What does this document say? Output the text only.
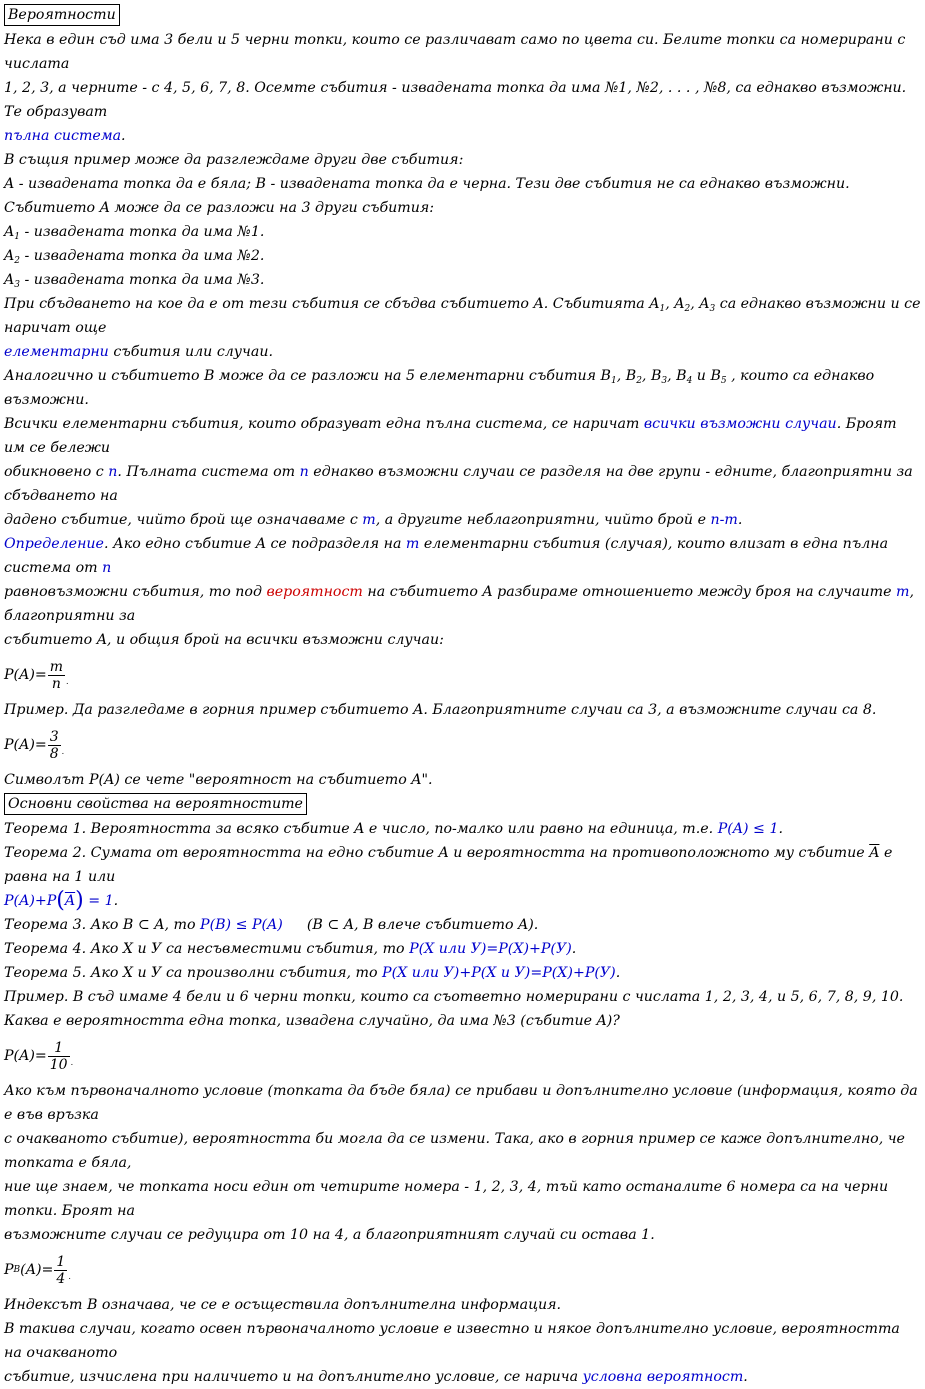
Вероятности

Нека в един съд има 3 бели и 5 черни топки, които се различават само по цвета си. Белите топки са номерирани с числата

1, 2, 3, а черните - с 4, 5, 6, 7, 8. Осемте събития - извадената топка да има №1, №2, . . . , №8, са еднакво възможни. Те образуват

пълна система.

В същия пример може да разглеждаме други две събития:

A - извадената топка да е бяла; B - извадената топка да е черна. Тези две събития не са еднакво възможни.

Събитието A може да се разложи на 3 други събития:

$A_1$ - извадената топка да има №1.

$A_2$ - извадената топка да има №2.

$A_3$ - извадената топка да има №3.

При сбъдването на кое да е от тези събития се сбъдва събитието A. Събитията $A_1$, $A_2$, $A_3$ са еднакво възможни и се наричат още

елементарни събития или случаи.

Аналогично и събитието B може да се разложи на 5 елементарни събития $B_1$, $B_2$, $B_3$, $B_4$ и $B_5$ , които са еднакво възможни.

Всички елементарни събития, които образуват една пълна система, се наричат всички възможни случаи. Броят им се бележи

обикновено с n. Пълната система от n еднакво възможни случаи се разделя на две групи - едните, благоприятни за сбъдването на

дадено събитие, чийто брой ще означаваме с m, а другите неблагоприятни, чийто брой е n-m.

Определение. Ако едно събитие A се подразделя на m елементарни събития (случая), които влизат в една пълна система от n

равновъзможни събития, то под вероятност на събитието A разбираме отношението между броя на случаите m, благоприятни за

събитието A, и общия брой на всички възможни случаи:

$P(A)= \frac{m}{n}$ .

Пример. Да разгледаме в горния пример събитието A. Благоприятните случаи са 3, а възможните случаи са 8.

$P(A)= \frac{3}{8}$ .

Символът P(A) се чете "вероятност на събитието A".

Основни свойства на вероятностите

Теорема 1. Вероятността за всяко събитие A е число, по-малко или равно на единица, т.е. P(A) ≤ 1.

Теорема 2. Сумата от вероятността на едно събитие A и вероятността на противоположното му събитие $\overline{A}$ е равна на 1 или

$P(A)+P(\overline{A}) = 1$.

Теорема 3. Ако B ⊂ A, то P(B) ≤ P(A) (B ⊂ A, B влече събитието A).

Теорема 4. Ако X и У са несъвместими събития, то P(X или У)=P(X)+P(У).

Теорема 5. Ако X и У са произволни събития, то P(X или У)+P(X и У)=P(X)+P(У).

Пример. В съд имаме 4 бели и 6 черни топки, които са съответно номерирани с числата 1, 2, 3, 4, и 5, 6, 7, 8, 9, 10.

Каква е вероятността една топка, извадена случайно, да има №3 (събитие A)?

$P(A)= \frac{1}{10}$ .

Ако към първоначалното условие (топката да бъде бяла) се прибави и допълнително условие (информация, която да е във връзка

с очакваното събитие), вероятността би могла да се измени. Така, ако в горния пример се каже допълнително, че топката е бяла,

ние ще знаем, че топката носи един от четирите номера - 1, 2, 3, 4, тъй като останалите 6 номера са на черни топки. Броят на

възможните случаи се редуцира от 10 на 4, а благоприятният случай си остава 1.

P B $(A)= \frac{1}{4}$ .

Индексът B означава, че се е осъществила допълнителна информация.

В такива случаи, когато освен първоначалното условие е известно и някое допълнително условие, вероятността на очакваното

събитие, изчислена при наличието и на допълнително условие, се нарича условна вероятност.
